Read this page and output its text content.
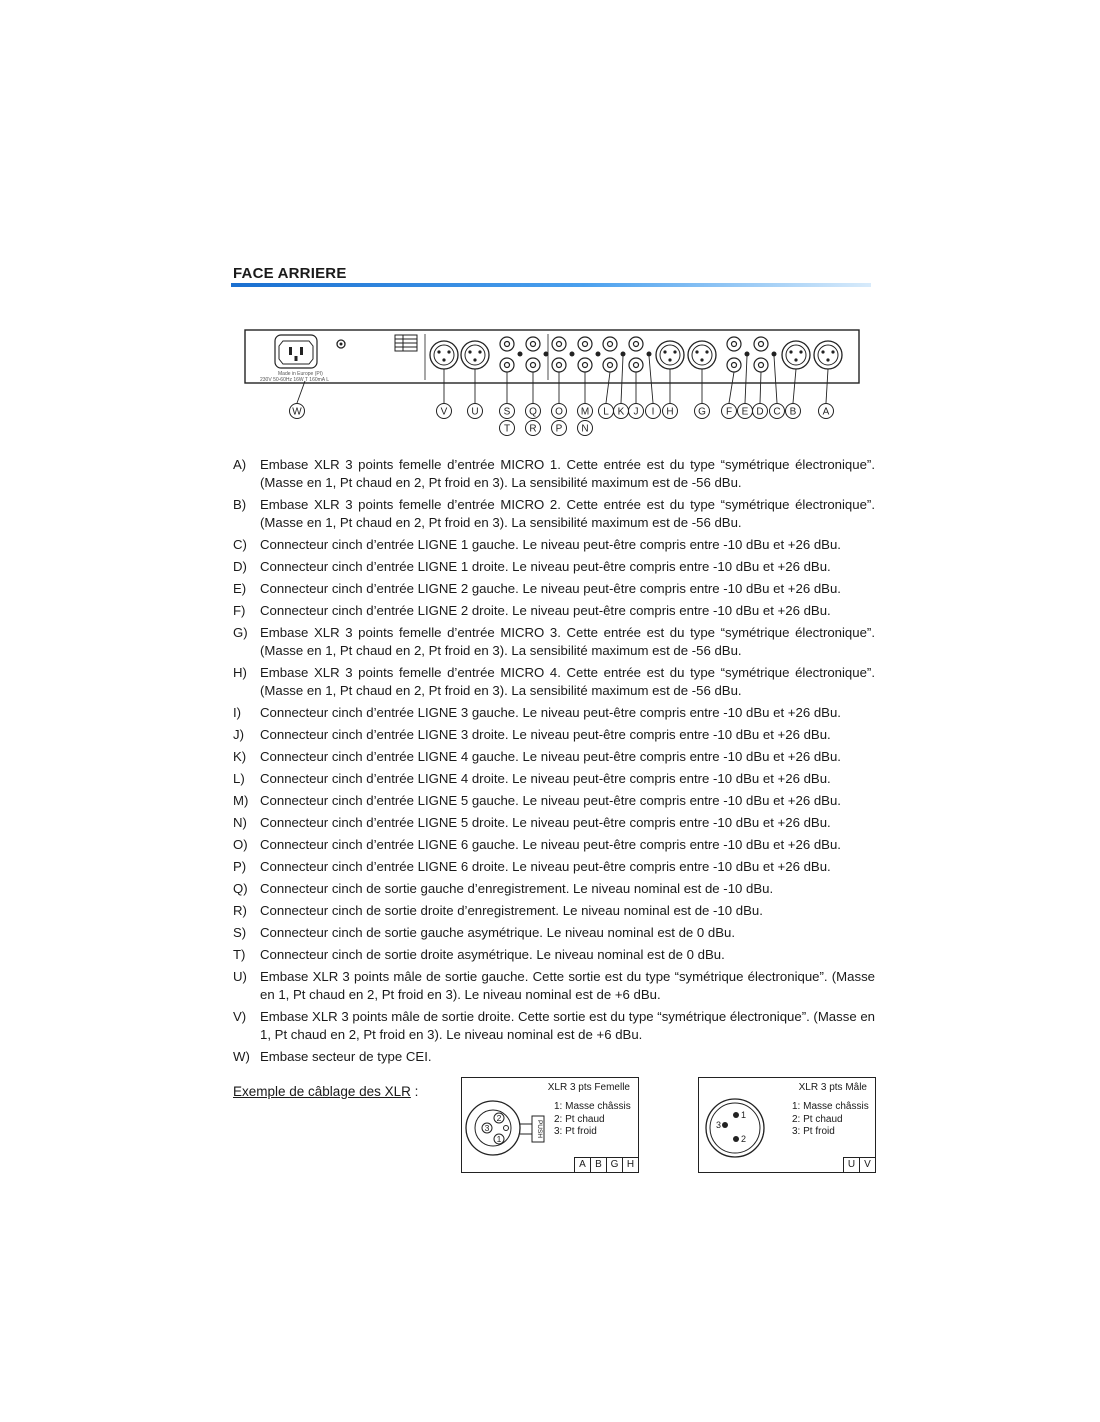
FACE ARRIERE
Made in Europe (PI)
230V 50-60Hz 16W T 160mA L
W	V U	S Q O M L K J I H G F E D C B	A
T R P N
A) Embase XLR 3 points femelle d’entrée MICRO 1. Cette entrée est du type “symétrique électronique”. (Masse en 1, Pt chaud en 2, Pt froid en 3). La sensibilité maximum est de -56 dBu.
B) Embase XLR 3 points femelle d’entrée MICRO 2. Cette entrée est du type “symétrique électronique”. (Masse en 1, Pt chaud en 2, Pt froid en 3). La sensibilité maximum est de -56 dBu.
C) Connecteur cinch d’entrée LIGNE 1 gauche. Le niveau peut-être compris entre -10 dBu et +26 dBu.
D) Connecteur cinch d’entrée LIGNE 1 droite. Le niveau peut-être compris entre -10 dBu et +26 dBu.
E) Connecteur cinch d’entrée LIGNE 2 gauche. Le niveau peut-être compris entre -10 dBu et +26 dBu.
F) Connecteur cinch d’entrée LIGNE 2 droite. Le niveau peut-être compris entre -10 dBu et +26 dBu.
G) Embase XLR 3 points femelle d’entrée MICRO 3. Cette entrée est du type “symétrique électronique”. (Masse en 1, Pt chaud en 2, Pt froid en 3). La sensibilité maximum est de -56 dBu.
H) Embase XLR 3 points femelle d’entrée MICRO 4. Cette entrée est du type “symétrique électronique”. (Masse en 1, Pt chaud en 2, Pt froid en 3). La sensibilité maximum est de -56 dBu.
I) Connecteur cinch d’entrée LIGNE 3 gauche. Le niveau peut-être compris entre -10 dBu et +26 dBu.
J) Connecteur cinch d’entrée LIGNE 3 droite. Le niveau peut-être compris entre -10 dBu et +26 dBu.
K) Connecteur cinch d’entrée LIGNE 4 gauche. Le niveau peut-être compris entre -10 dBu et +26 dBu.
L) Connecteur cinch d’entrée LIGNE 4 droite. Le niveau peut-être compris entre -10 dBu et +26 dBu.
M) Connecteur cinch d’entrée LIGNE 5 gauche. Le niveau peut-être compris entre -10 dBu et +26 dBu.
N) Connecteur cinch d’entrée LIGNE 5 droite. Le niveau peut-être compris entre -10 dBu et +26 dBu.
O) Connecteur cinch d’entrée LIGNE 6 gauche. Le niveau peut-être compris entre -10 dBu et +26 dBu.
P) Connecteur cinch d’entrée LIGNE 6 droite. Le niveau peut-être compris entre -10 dBu et +26 dBu.
Q) Connecteur cinch de sortie gauche d’enregistrement. Le niveau nominal est de -10 dBu.
R) Connecteur cinch de sortie droite d’enregistrement. Le niveau nominal est de -10 dBu.
S) Connecteur cinch de sortie gauche asymétrique. Le niveau nominal est de 0 dBu.
T) Connecteur cinch de sortie droite asymétrique. Le niveau nominal est de 0 dBu.
U) Embase XLR 3 points mâle de sortie gauche. Cette sortie est du type “symétrique électronique”. (Masse en 1, Pt chaud en 2, Pt froid en 3). Le niveau nominal est de +6 dBu.
V) Embase XLR 3 points mâle de sortie droite. Cette sortie est du type “symétrique électronique”. (Masse en 1, Pt chaud en 2, Pt froid en 3). Le niveau nominal est de +6 dBu.
W) Embase secteur de type CEI.
Exemple de câblage des XLR :	XLR 3 pts Femelle
2
3
1
PUSH
1: Masse châssis
2: Pt chaud
3: Pt froid
A B G H
XLR 3 pts Mâle
1
2
3
1: Masse châssis
2: Pt chaud
3: Pt froid
U V
